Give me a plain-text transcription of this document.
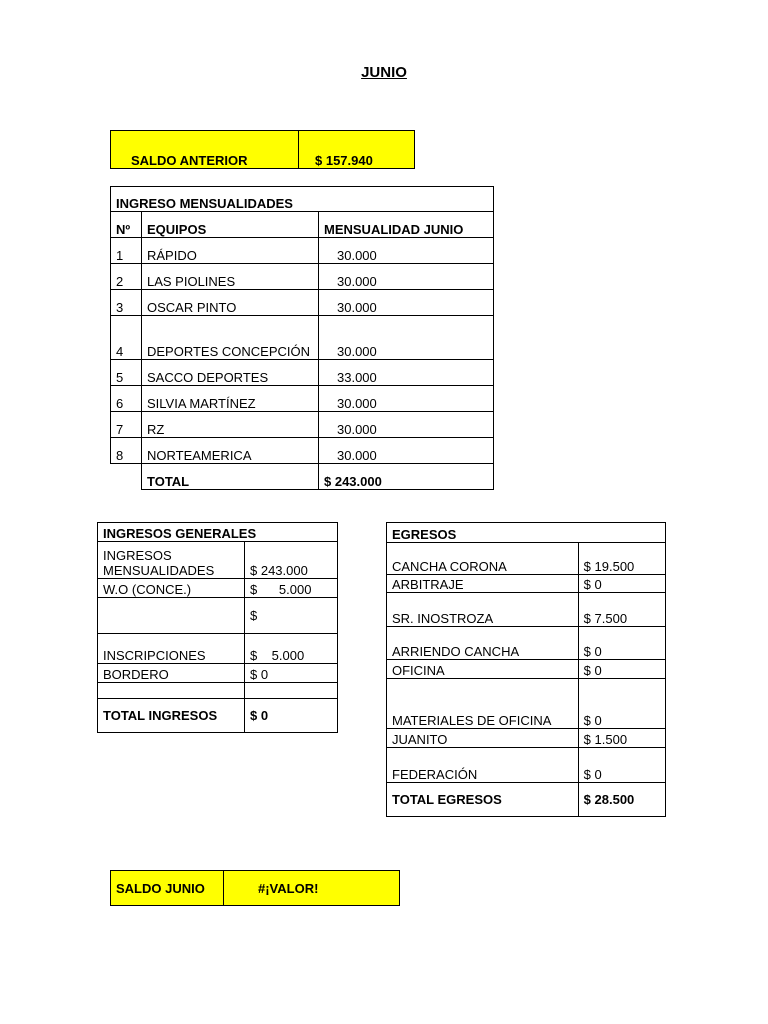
JUNIO
SALDO ANTERIOR	$ 157.940
INGRESO MENSUALIDADES		
Nº	EQUIPOS	MENSUALIDAD JUNIO
1	RÁPIDO	30.000
2	LAS PIOLINES	30.000
3	OSCAR PINTO	30.000
4	DEPORTES CONCEPCIÓN	30.000
5	SACCO DEPORTES	33.000
6	SILVIA MARTÍNEZ	30.000
7	RZ	30.000
8	NORTEAMERICA	30.000
	TOTAL	$ 243.000
INGRESOS GENERALES	
INGRESOS MENSUALIDADES	$ 243.000
W.O (CONCE.)	$      5.000
	$
INSCRIPCIONES	$    5.000
BORDERO	$ 0

TOTAL INGRESOS	$ 0
EGRESOS	
CANCHA CORONA	$ 19.500
ARBITRAJE	$ 0
SR. INOSTROZA	$ 7.500
ARRIENDO CANCHA	$ 0
OFICINA	$ 0
MATERIALES DE OFICINA	$ 0
JUANITO	$ 1.500
FEDERACIÓN	$ 0
TOTAL EGRESOS	$ 28.500
SALDO JUNIO	#¡VALOR!
